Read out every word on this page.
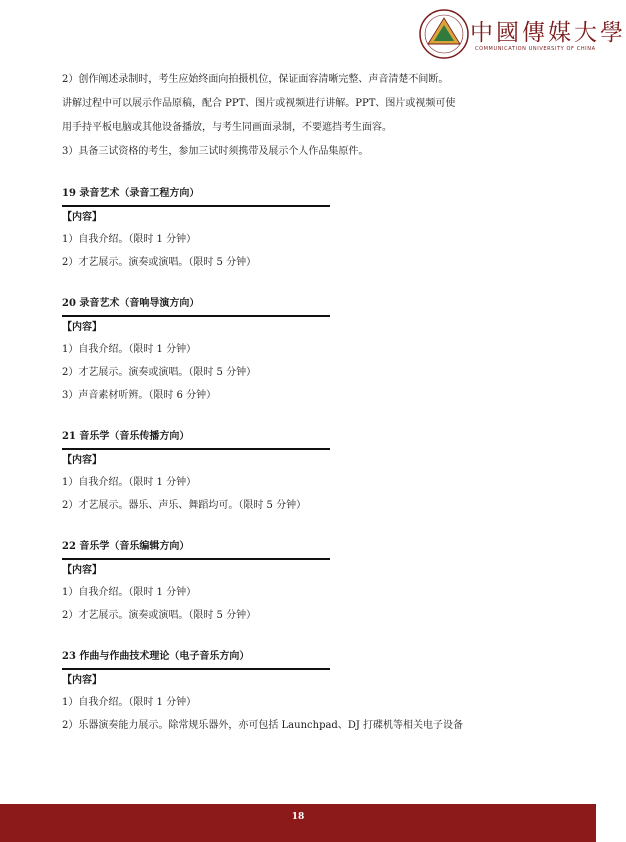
中國傳媒大學
COMMUNICATION UNIVERSITY OF CHINA
2）创作阐述录制时，考生应始终面向拍摄机位，保证面容清晰完整、声音清楚不间断。
讲解过程中可以展示作品原稿，配合 PPT、图片或视频进行讲解。PPT、图片或视频可使
用手持平板电脑或其他设备播放，与考生同画面录制，不要遮挡考生面容。
3）具备三试资格的考生，参加三试时须携带及展示个人作品集原件。
19 录音艺术（录音工程方向）
【内容】
1）自我介绍。（限时 1 分钟）
2）才艺展示。演奏或演唱。（限时 5 分钟）
20 录音艺术（音响导演方向）
【内容】
1）自我介绍。（限时 1 分钟）
2）才艺展示。演奏或演唱。（限时 5 分钟）
3）声音素材听辨。（限时 6 分钟）
21 音乐学（音乐传播方向）
【内容】
1）自我介绍。（限时 1 分钟）
2）才艺展示。器乐、声乐、舞蹈均可。（限时 5 分钟）
22 音乐学（音乐编辑方向）
【内容】
1）自我介绍。（限时 1 分钟）
2）才艺展示。演奏或演唱。（限时 5 分钟）
23 作曲与作曲技术理论（电子音乐方向）
【内容】
1）自我介绍。（限时 1 分钟）
2）乐器演奏能力展示。除常规乐器外，亦可包括 Launchpad、DJ 打碟机等相关电子设备
18
